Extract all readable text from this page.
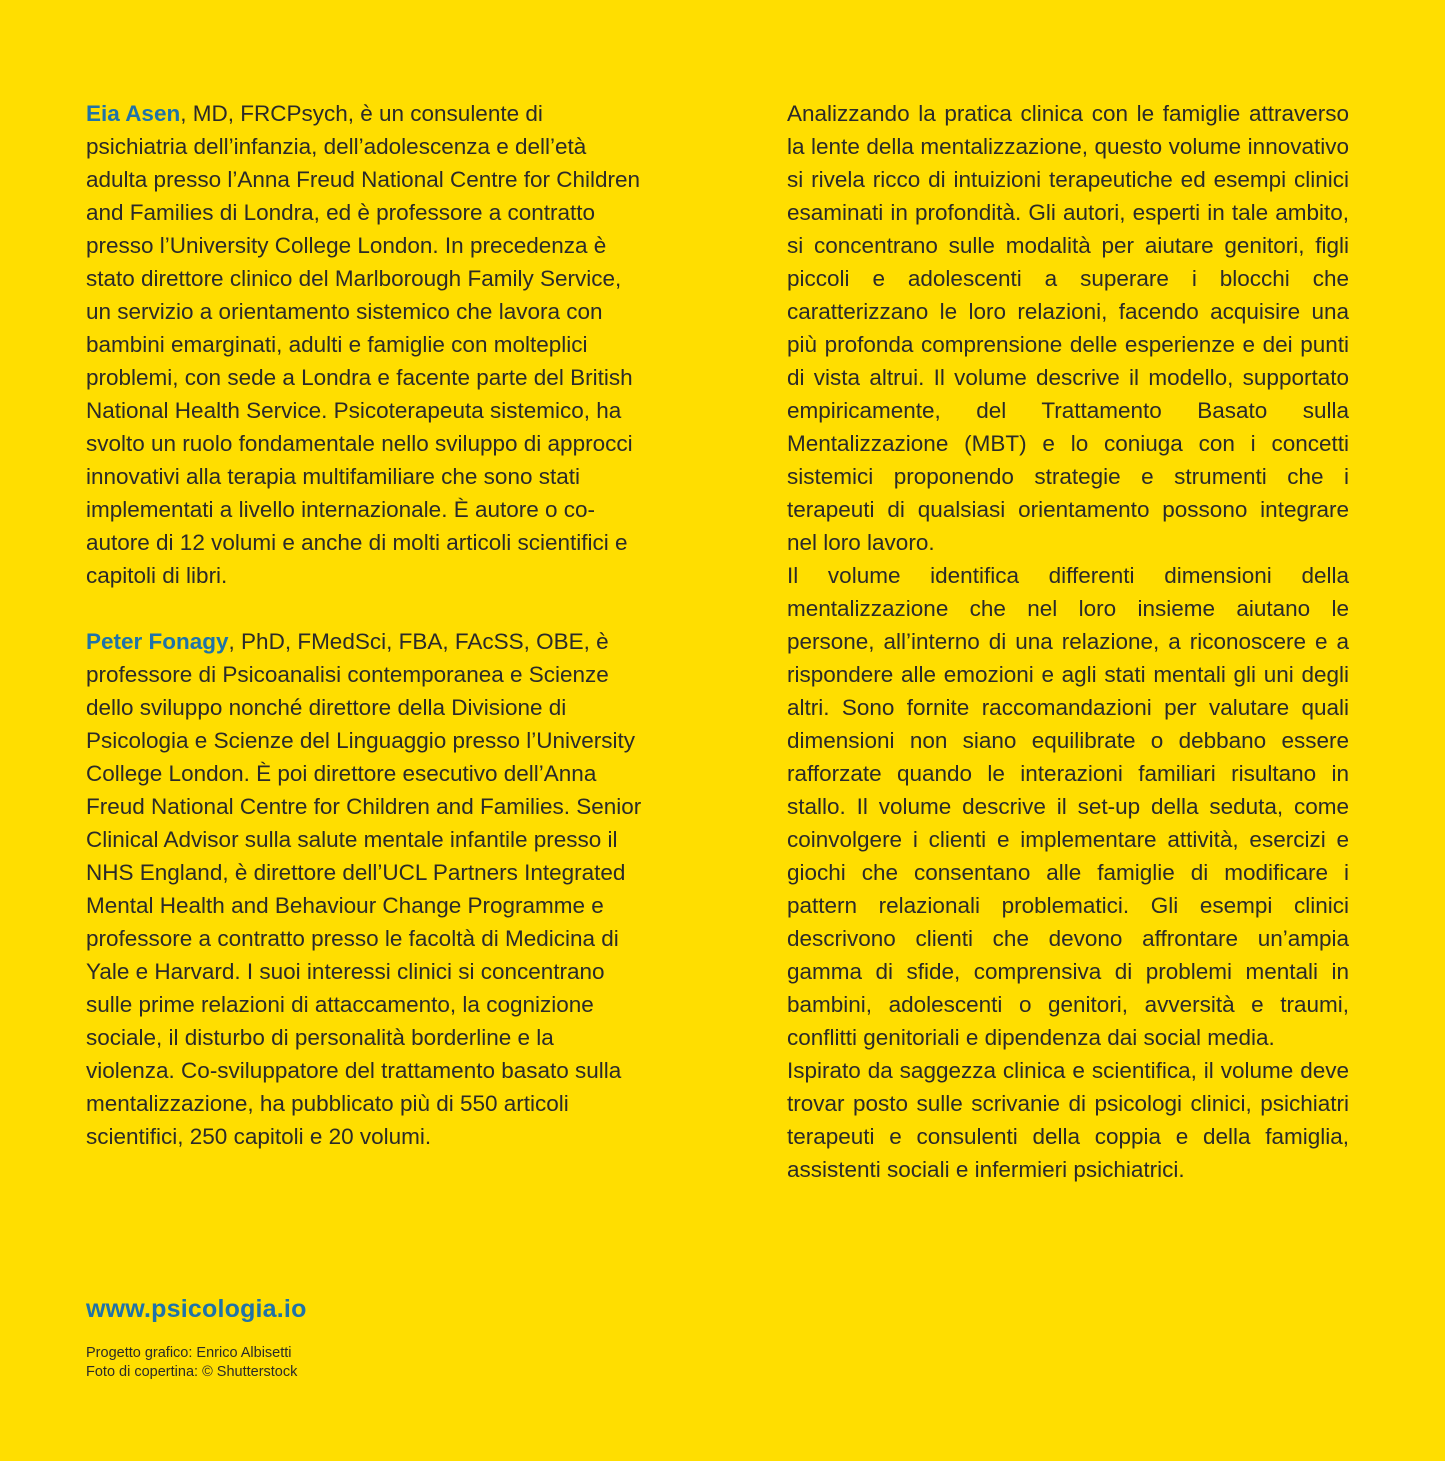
Eia Asen, MD, FRCPsych, è un consulente di psichiatria dell’infanzia, dell’adolescenza e dell’età adulta presso l’Anna Freud National Centre for Children and Families di Londra, ed è professore a contratto presso l’University College London. In precedenza è stato direttore clinico del Marlborough Family Service, un servizio a orientamento sistemico che lavora con bambini emarginati, adulti e famiglie con molteplici problemi, con sede a Londra e facente parte del British National Health Service. Psicoterapeuta sistemico, ha svolto un ruolo fondamentale nello sviluppo di approcci innovativi alla terapia multifamiliare che sono stati implementati a livello internazionale. È autore o co-autore di 12 volumi e anche di molti articoli scientifici e capitoli di libri.

Peter Fonagy, PhD, FMedSci, FBA, FAcSS, OBE, è professore di Psicoanalisi contemporanea e Scienze dello sviluppo nonché direttore della Divisione di Psicologia e Scienze del Linguaggio presso l’University College London. È poi direttore esecutivo dell’Anna Freud National Centre for Children and Families. Senior Clinical Advisor sulla salute mentale infantile presso il NHS England, è direttore dell’UCL Partners Integrated Mental Health and Behaviour Change Programme e professore a contratto presso le facoltà di Medicina di Yale e Harvard. I suoi interessi clinici si concentrano sulle prime relazioni di attaccamento, la cognizione sociale, il disturbo di personalità borderline e la violenza. Co-sviluppatore del trattamento basato sulla mentalizzazione, ha pubblicato più di 550 articoli scientifici, 250 capitoli e 20 volumi.

www.psicologia.io
Progetto grafico: Enrico Albisetti
Foto di copertina: © Shutterstock

Analizzando la pratica clinica con le famiglie attraverso la lente della mentalizzazione, questo volume innovativo si rivela ricco di intuizioni terapeutiche ed esempi clinici esaminati in profondità. Gli autori, esperti in tale ambito, si concentrano sulle modalità per aiutare genitori, figli piccoli e adolescenti a superare i blocchi che caratterizzano le loro relazioni, facendo acquisire una più profonda comprensione delle esperienze e dei punti di vista altrui. Il volume descrive il modello, supportato empiricamente, del Trattamento Basato sulla Mentalizzazione (MBT) e lo coniuga con i concetti sistemici proponendo strategie e strumenti che i terapeuti di qualsiasi orientamento possono integrare nel loro lavoro.

Il volume identifica differenti dimensioni della mentalizzazione che nel loro insieme aiutano le persone, all’interno di una relazione, a riconoscere e a rispondere alle emozioni e agli stati mentali gli uni degli altri. Sono fornite raccomandazioni per valutare quali dimensioni non siano equilibrate o debbano essere rafforzate quando le interazioni familiari risultano in stallo. Il volume descrive il set-up della seduta, come coinvolgere i clienti e implementare attività, esercizi e giochi che consentano alle famiglie di modificare i pattern relazionali problematici. Gli esempi clinici descrivono clienti che devono affrontare un’ampia gamma di sfide, comprensiva di problemi mentali in bambini, adolescenti o genitori, avversità e traumi, conflitti genitoriali e dipendenza dai social media.

Ispirato da saggezza clinica e scientifica, il volume deve trovar posto sulle scrivanie di psicologi clinici, psichiatri terapeuti e consulenti della coppia e della famiglia, assistenti sociali e infermieri psichiatrici.
